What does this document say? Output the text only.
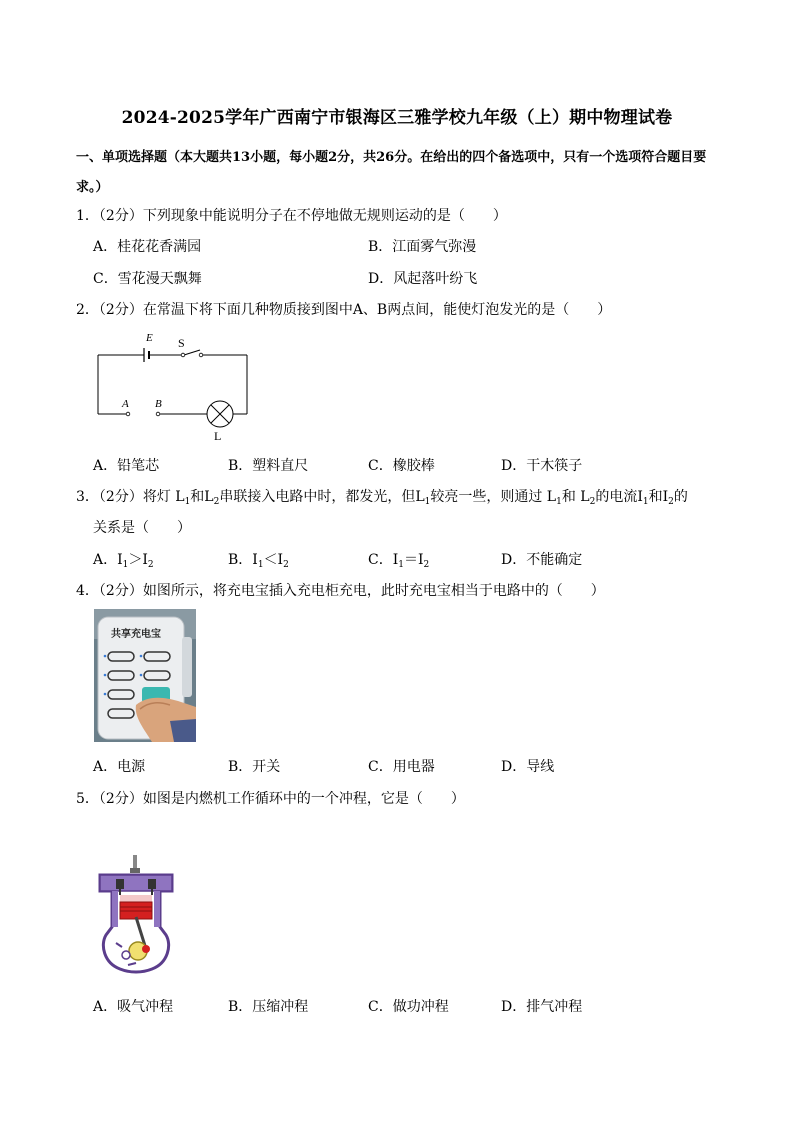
2024-2025学年广西南宁市银海区三雅学校九年级（上）期中物理试卷
一、单项选择题（本大题共13小题，每小题2分，共26分。在给出的四个备选项中，只有一个选项符合题目要求。）
1．（2分）下列现象中能说明分子在不停地做无规则运动的是（　　）
A．桂花花香满园	B．江面雾气弥漫
C．雪花漫天飘舞	D．风起落叶纷飞
2．（2分）在常温下将下面几种物质接到图中A、B两点间，能使灯泡发光的是（　　）
E S
A B
L
A．铅笔芯	B．塑料直尺	C．橡胶棒	D．干木筷子
3．（2分）将灯 $L_1$和$L_2$串联接入电路中时，都发光，但$L_1$较亮一些，则通过 $L_1$和 $L_2$的电流$I_1$和$I_2$的
关系是（　　）
A．$I_1>I_2$	B．$I_1<I_2$	C．$I_1=I_2$	D．不能确定
4．（2分）如图所示，将充电宝插入充电柜充电，此时充电宝相当于电路中的（　　）
共享充电宝
A．电源	B．开关	C．用电器	D．导线
5．（2分）如图是内燃机工作循环中的一个冲程，它是（　　）
A．吸气冲程	B．压缩冲程	C．做功冲程	D．排气冲程
